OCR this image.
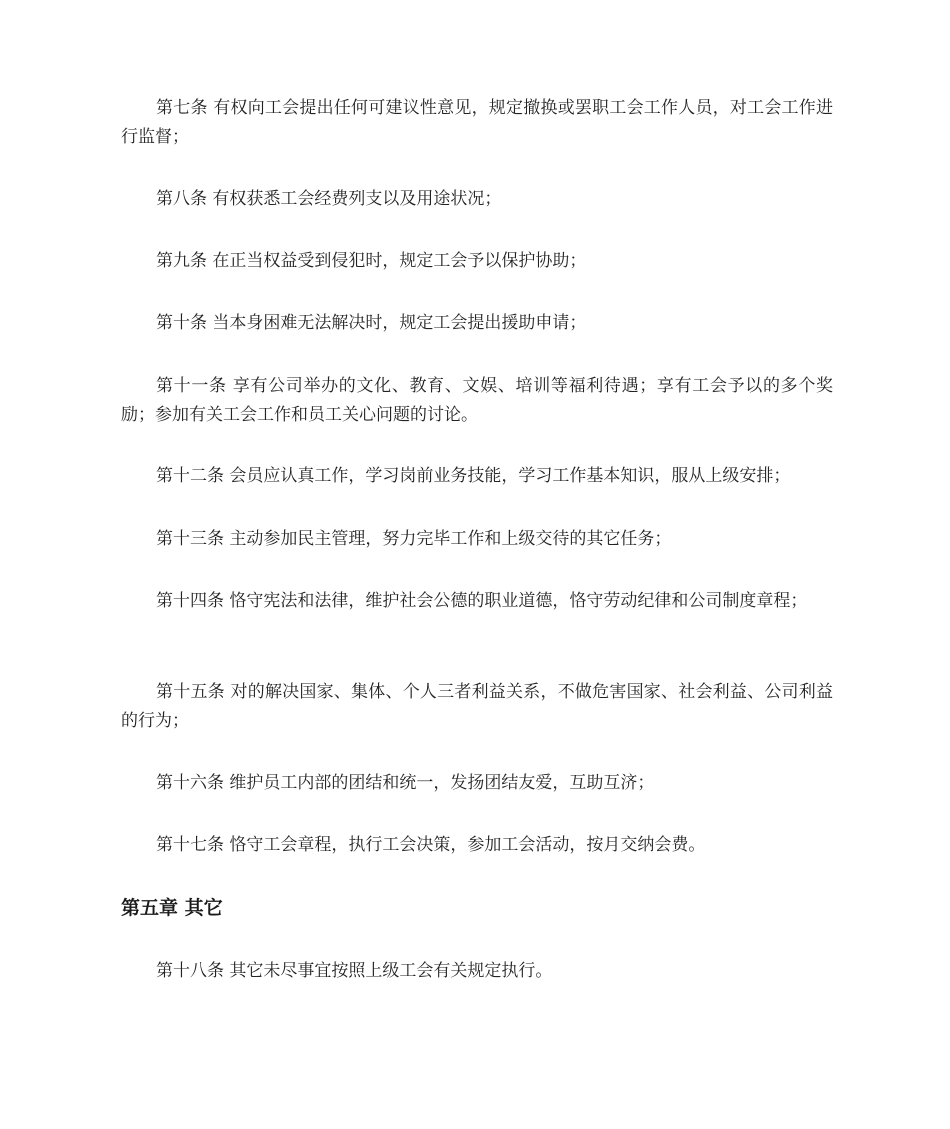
第七条 有权向工会提出任何可建议性意见，规定撤换或罢职工会工作人员，对工会工作进行监督；

第八条 有权获悉工会经费列支以及用途状况；

第九条 在正当权益受到侵犯时，规定工会予以保护协助；

第十条 当本身困难无法解决时，规定工会提出援助申请；

第十一条 享有公司举办的文化、教育、文娱、培训等福利待遇；享有工会予以的多个奖励；参加有关工会工作和员工关心问题的讨论。

第十二条 会员应认真工作，学习岗前业务技能，学习工作基本知识，服从上级安排；

第十三条 主动参加民主管理，努力完毕工作和上级交待的其它任务；

第十四条 恪守宪法和法律，维护社会公德的职业道德，恪守劳动纪律和公司制度章程；

第十五条 对的解决国家、集体、个人三者利益关系，不做危害国家、社会利益、公司利益的行为；

第十六条 维护员工内部的团结和统一，发扬团结友爱，互助互济；

第十七条 恪守工会章程，执行工会决策，参加工会活动，按月交纳会费。

第五章 其它

第十八条 其它未尽事宜按照上级工会有关规定执行。
